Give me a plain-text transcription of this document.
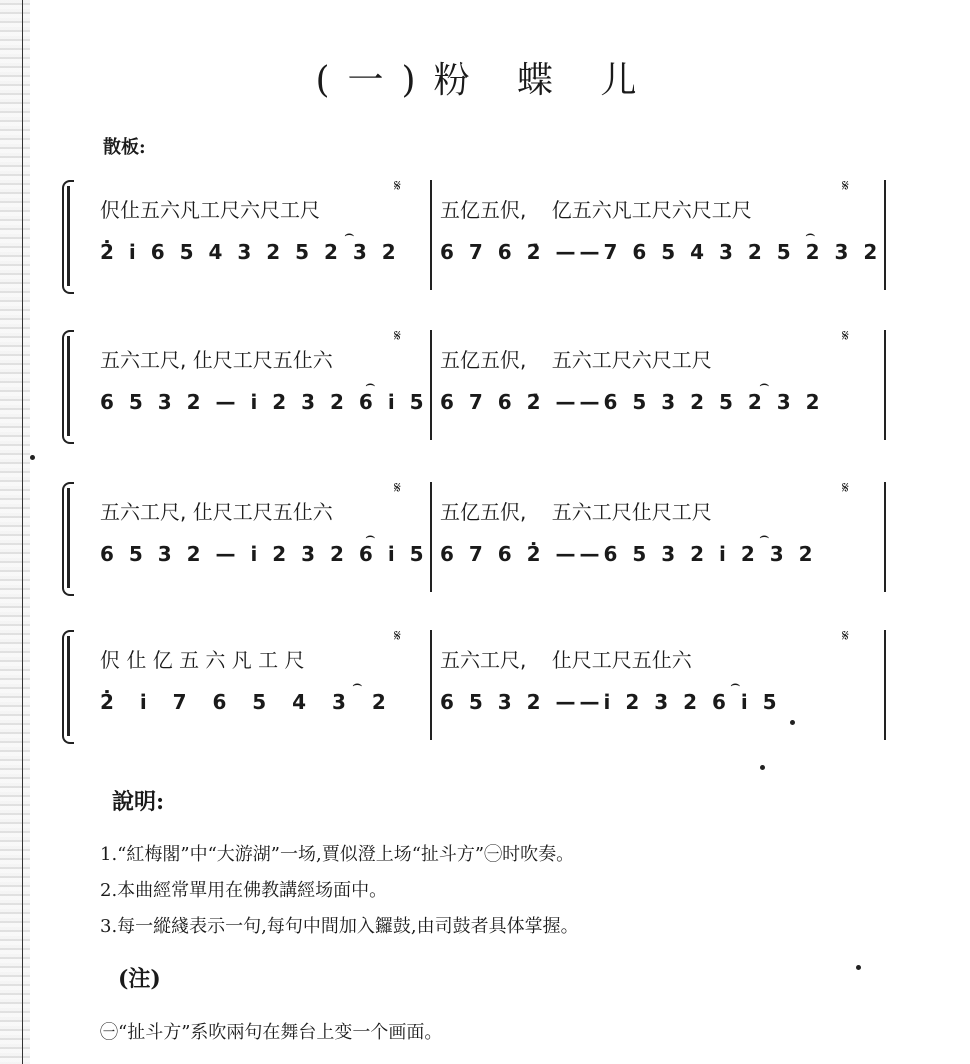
(一)粉 蝶 儿
散板:
伬仩五六凡工尺六尺工尺
2̇ i̇ 6 5 4 3 2 5 2 3 2
五亿五伬,    亿五六凡工尺六尺工尺
6 7 6 2̇ ——7 6 5 4 3 2 5 2 3 2
𝄋	𝄋
⌢	⌢
五六工尺, 仩尺工尺五仩六
6 5 3 2 — i̇ 2 3 2 6 i̇ 5
五亿五伬,    五六工尺六尺工尺
6 7 6 2̇ ——6 5 3 2 5 2 3 2
𝄋	𝄋
⌢	⌢
五六工尺, 仩尺工尺五仩六
6 5 3 2 — i̇ 2 3 2 6 i̇ 5
五亿五伬,    五六工尺仩尺工尺
6 7 6 2̇ ——6 5 3 2 i̇ 2 3 2
𝄋	𝄋
⌢	⌢
伬 仩 亿 五 六 凡 工 尺
2̇  i̇  7  6  5  4  3  2
五六工尺,    仩尺工尺五仩六
6 5 3 2 ——i̇ 2 3 2 6 i̇ 5
𝄋	𝄋
⌢	⌢
說明:
1.“紅梅閣”中“大游湖”一场,賈似澄上场“扯斗方”㊀时吹奏。
2.本曲經常單用在佛教講經场面中。
3.每一縱綫表示一句,每句中間加入鑼鼓,由司鼓者具体掌握。
(注)
㊀“扯斗方”系吹兩句在舞台上变一个画面。
